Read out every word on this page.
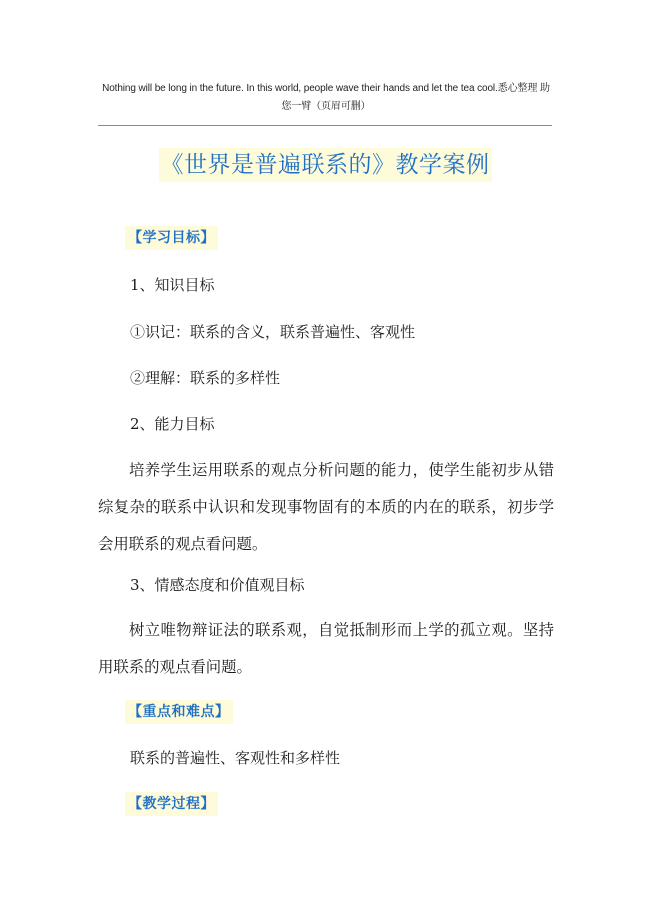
Nothing will be long in the future. In this world, people wave their hands and let the tea cool.悉心整理 助您一臂（页眉可删）
《世界是普遍联系的》教学案例
【学习目标】
1、知识目标
①识记：联系的含义，联系普遍性、客观性
②理解：联系的多样性
2、能力目标
培养学生运用联系的观点分析问题的能力，使学生能初步从错综复杂的联系中认识和发现事物固有的本质的内在的联系，初步学会用联系的观点看问题。
3、情感态度和价值观目标
树立唯物辩证法的联系观，自觉抵制形而上学的孤立观。坚持用联系的观点看问题。
【重点和难点】
联系的普遍性、客观性和多样性
【教学过程】
